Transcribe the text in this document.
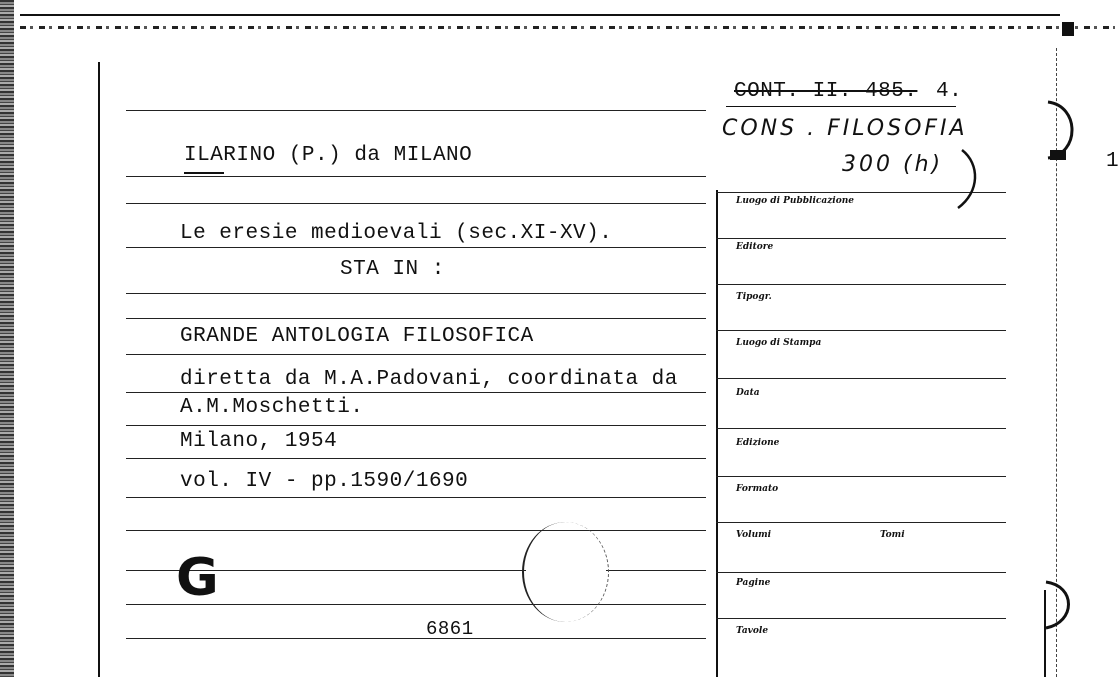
ILARINO (P.) da MILANO
Le eresie medioevali (sec.XI-XV).
STA IN :
GRANDE ANTOLOGIA FILOSOFICA
diretta da M.A.Padovani, coordinata da
A.M.Moschetti.
Milano, 1954
vol. IV - pp.1590/1690
G
6861
CONT. II. 485. 4.
CONS . FILOSOFIA
300 (h)	1
Luogo di Pubblicazione
Editore
Tipogr.
Luogo di Stampa
Data
Edizione
Formato
Volumi	Tomi
Pagine
Tavole
